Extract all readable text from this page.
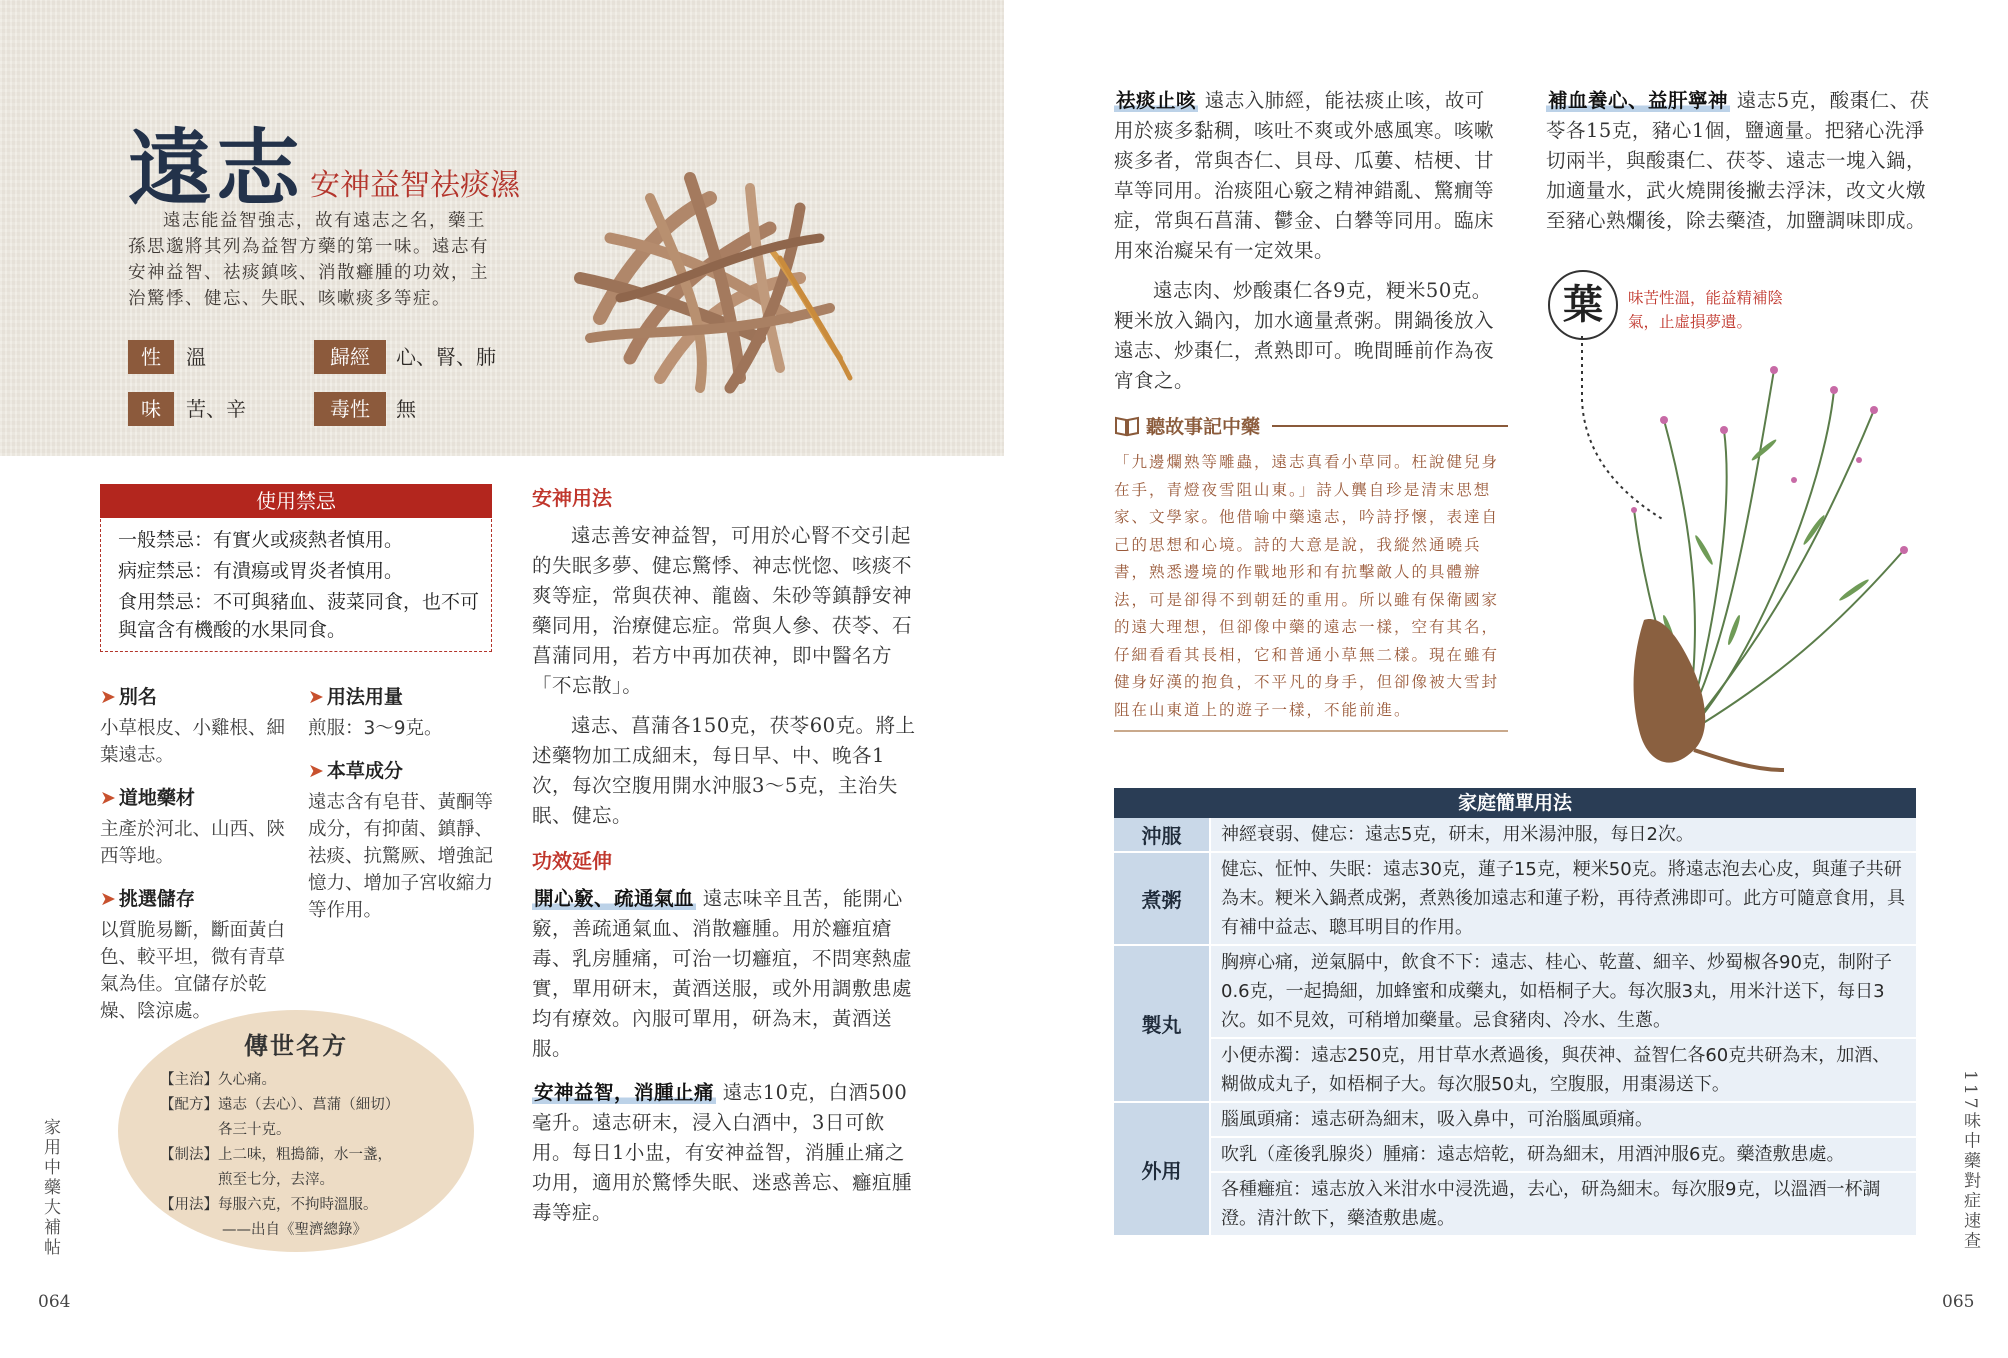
遠志 安神益智祛痰濕
遠志能益智強志，故有遠志之名，藥王孫思邈將其列為益智方藥的第一味。遠志有安神益智、祛痰鎮咳、消散癰腫的功效，主治驚悸、健忘、失眠、咳嗽痰多等症。
性	溫	歸經	心、腎、肺
味	苦、辛	毒性	無
使用禁忌
一般禁忌：有實火或痰熱者慎用。
病症禁忌：有潰瘍或胃炎者慎用。
食用禁忌：不可與豬血、菠菜同食，也不可與富含有機酸的水果同食。
➤ 別名
小草根皮、小雞根、細葉遠志。
➤ 道地藥材
主產於河北、山西、陝西等地。
➤ 挑選儲存
以質脆易斷，斷面黃白色、較平坦，微有青草氣為佳。宜儲存於乾燥、陰涼處。
➤ 用法用量
煎服：3～9克。
➤ 本草成分
遠志含有皂苷、黃酮等成分，有抑菌、鎮靜、祛痰、抗驚厥、增強記憶力、增加子宮收縮力等作用。
傳世名方
【主治】久心痛。
【配方】遠志（去心）、菖蒲（細切）
各三十克。
【制法】上二味，粗搗篩，水一盞，
煎至七分，去滓。
【用法】每服六克，不拘時溫服。
——出自《聖濟總錄》
安神用法
遠志善安神益智，可用於心腎不交引起的失眠多夢、健忘驚悸、神志恍惚、咳痰不爽等症，常與茯神、龍齒、朱砂等鎮靜安神藥同用，治療健忘症。常與人參、茯苓、石菖蒲同用，若方中再加茯神，即中醫名方「不忘散」。
遠志、菖蒲各150克，茯苓60克。將上述藥物加工成細末，每日早、中、晚各1次，每次空腹用開水沖服3～5克，主治失眠、健忘。
功效延伸
開心竅、疏通氣血 遠志味辛且苦，能開心竅，善疏通氣血、消散癰腫。用於癰疽瘡毒、乳房腫痛，可治一切癰疽，不問寒熱虛實，單用研末，黃酒送服，或外用調敷患處均有療效。內服可單用，研為末，黃酒送服。
安神益智，消腫止痛 遠志10克，白酒500毫升。遠志研末，浸入白酒中，3日可飲用。每日1小盅，有安神益智，消腫止痛之功用，適用於驚悸失眠、迷惑善忘、癰疽腫毒等症。
家用中藥大補帖
064
祛痰止咳 遠志入肺經，能祛痰止咳，故可用於痰多黏稠，咳吐不爽或外感風寒。咳嗽痰多者，常與杏仁、貝母、瓜蔞、桔梗、甘草等同用。治痰阻心竅之精神錯亂、驚癇等症，常與石菖蒲、鬱金、白礬等同用。臨床用來治癡呆有一定效果。
遠志肉、炒酸棗仁各9克，粳米50克。粳米放入鍋內，加水適量煮粥。開鍋後放入遠志、炒棗仁，煮熟即可。晚間睡前作為夜宵食之。
聽故事記中藥
「九邊爛熟等雕蟲，遠志真看小草同。枉說健兒身在手，青燈夜雪阻山東。」詩人龔自珍是清末思想家、文學家。他借喻中藥遠志，吟詩抒懷，表達自己的思想和心境。詩的大意是說，我縱然通曉兵書，熟悉邊境的作戰地形和有抗擊敵人的具體辦法，可是卻得不到朝廷的重用。所以雖有保衛國家的遠大理想，但卻像中藥的遠志一樣，空有其名，仔細看看其長相，它和普通小草無二樣。現在雖有健身好漢的抱負，不平凡的身手，但卻像被大雪封阻在山東道上的遊子一樣，不能前進。
補血養心、益肝寧神 遠志5克，酸棗仁、茯苓各15克，豬心1個，鹽適量。把豬心洗淨切兩半，與酸棗仁、茯苓、遠志一塊入鍋，加適量水，武火燒開後撇去浮沫，改文火燉至豬心熟爛後，除去藥渣，加鹽調味即成。
葉	味苦性溫，能益精補陰氣，止虛損夢遺。
家庭簡單用法
沖服	神經衰弱、健忘：遠志5克，研末，用米湯沖服，每日2次。
煮粥	健忘、怔忡、失眠：遠志30克，蓮子15克，粳米50克。將遠志泡去心皮，與蓮子共研為末。粳米入鍋煮成粥，煮熟後加遠志和蓮子粉，再待煮沸即可。此方可隨意食用，具有補中益志、聰耳明目的作用。
製丸	胸痹心痛，逆氣膈中，飲食不下：遠志、桂心、乾薑、細辛、炒蜀椒各90克，制附子0.6克，一起搗細，加蜂蜜和成藥丸，如梧桐子大。每次服3丸，用米汁送下，每日3次。如不見效，可稍增加藥量。忌食豬肉、冷水、生蔥。
	小便赤濁：遠志250克，用甘草水煮過後，與茯神、益智仁各60克共研為末，加酒、糊做成丸子，如梧桐子大。每次服50丸，空腹服，用棗湯送下。
外用	腦風頭痛：遠志研為細末，吸入鼻中，可治腦風頭痛。
	吹乳（產後乳腺炎）腫痛：遠志焙乾，研為細末，用酒沖服6克。藥渣敷患處。
	各種癰疽：遠志放入米泔水中浸洗過，去心，研為細末。每次服9克，以溫酒一杯調澄。清汁飲下，藥渣敷患處。	117味中藥對症速查
065
